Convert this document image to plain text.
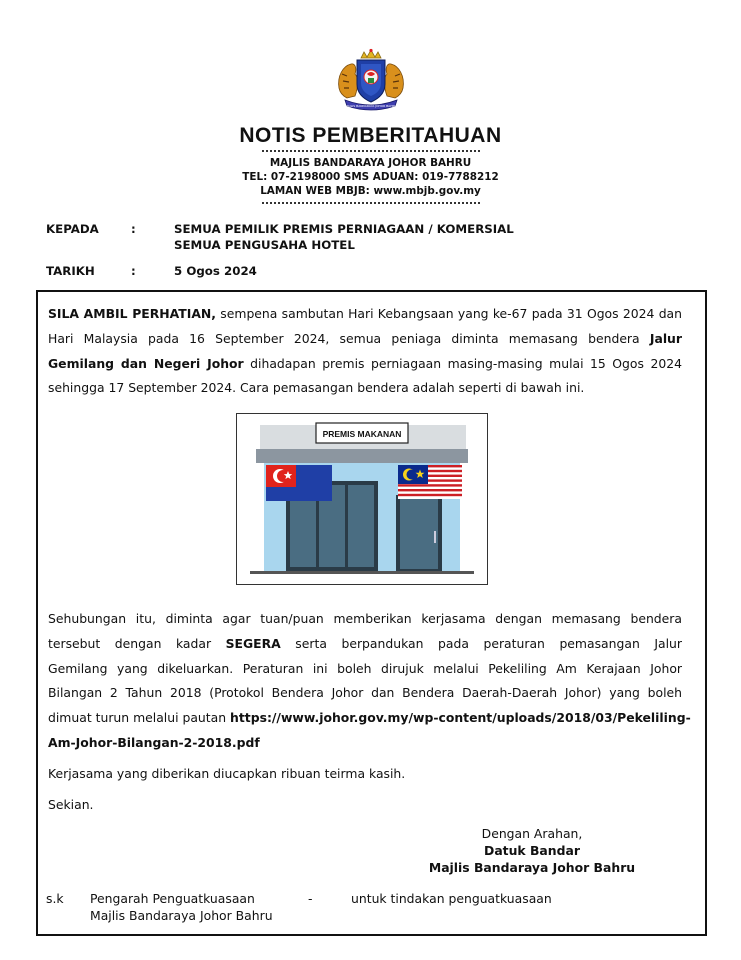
MAJLIS BANDARAYA JOHOR BAHRU
NOTIS PEMBERITAHUAN
MAJLIS BANDARAYA JOHOR BAHRU
TEL: 07-2198000 SMS ADUAN: 019-7788212
LAMAN WEB MBJB: www.mbjb.gov.my
KEPADA	:	SEMUA PEMILIK PREMIS PERNIAGAAN / KOMERSIAL
SEMUA PENGUSAHA HOTEL
TARIKH	:	5 Ogos 2024
SILA AMBIL PERHATIAN, sempena sambutan Hari Kebangsaan yang ke-67 pada 31 Ogos 2024 dan
Hari Malaysia pada 16 September 2024, semua peniaga diminta memasang bendera Jalur
Gemilang dan Negeri Johor dihadapan premis perniagaan masing-masing mulai 15 Ogos 2024
sehingga 17 September 2024. Cara pemasangan bendera adalah seperti di bawah ini.
PREMIS MAKANAN
Sehubungan itu, diminta agar tuan/puan memberikan kerjasama dengan memasang bendera
tersebut dengan kadar SEGERA serta berpandukan pada peraturan pemasangan Jalur
Gemilang yang dikeluarkan. Peraturan ini boleh dirujuk melalui Pekeliling Am Kerajaan Johor
Bilangan 2 Tahun 2018 (Protokol Bendera Johor dan Bendera Daerah-Daerah Johor) yang boleh
dimuat turun melalui pautan https://www.johor.gov.my/wp-content/uploads/2018/03/Pekeliling-
Am-Johor-Bilangan-2-2018.pdf
Kerjasama yang diberikan diucapkan ribuan teirma kasih.
Sekian.
Dengan Arahan,
Datuk Bandar
Majlis Bandaraya Johor Bahru
s.k Pengarah Penguatkuasaan	-	untuk tindakan penguatkuasaan
Majlis Bandaraya Johor Bahru
